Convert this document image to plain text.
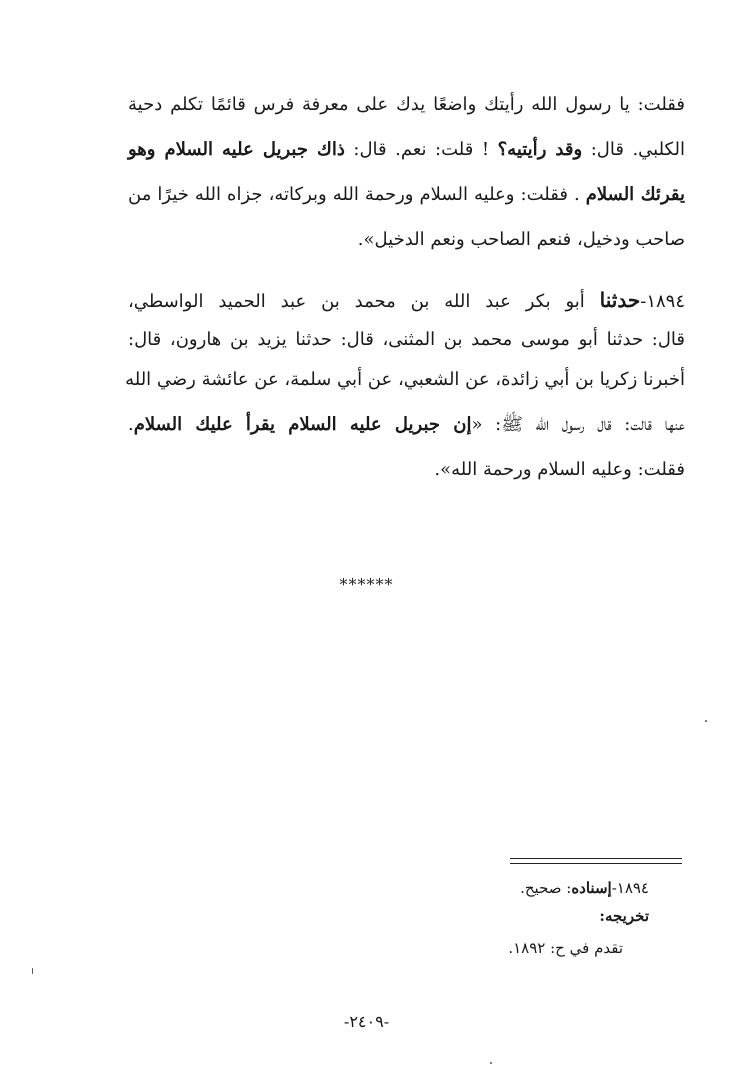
فقلت: يا رسول الله رأيتك واضعًا يدك على معرفة فرس قائمًا تكلم دحية
الكلبي. قال: وقد رأيتيه؟ ! قلت: نعم. قال: ذاك جبريل عليه السلام وهو
يقرئك السلام . فقلت: وعليه السلام ورحمة الله وبركاته، جزاه الله خيرًا من
صاحب ودخيل، فنعم الصاحب ونعم الدخيل».
١٨٩٤-حدثنا أبو بكر عبد الله بن محمد بن عبد الحميد الواسطي،
قال: حدثنا أبو موسى محمد بن المثنى، قال: حدثنا يزيد بن هارون، قال:
أخبرنا زكريا بن أبي زائدة، عن الشعبي، عن أبي سلمة، عن عائشة رضي الله
عنها قالت: قال رسول الله ﷺ: «إن جبريل عليه السلام يقرأ عليك السلام.
فقلت: وعليه السلام ورحمة الله».
******
١٨٩٤-إسناده: صحيح.
تخريجه:
تقدم في ح: ١٨٩٢.
-٢٤٠٩-
